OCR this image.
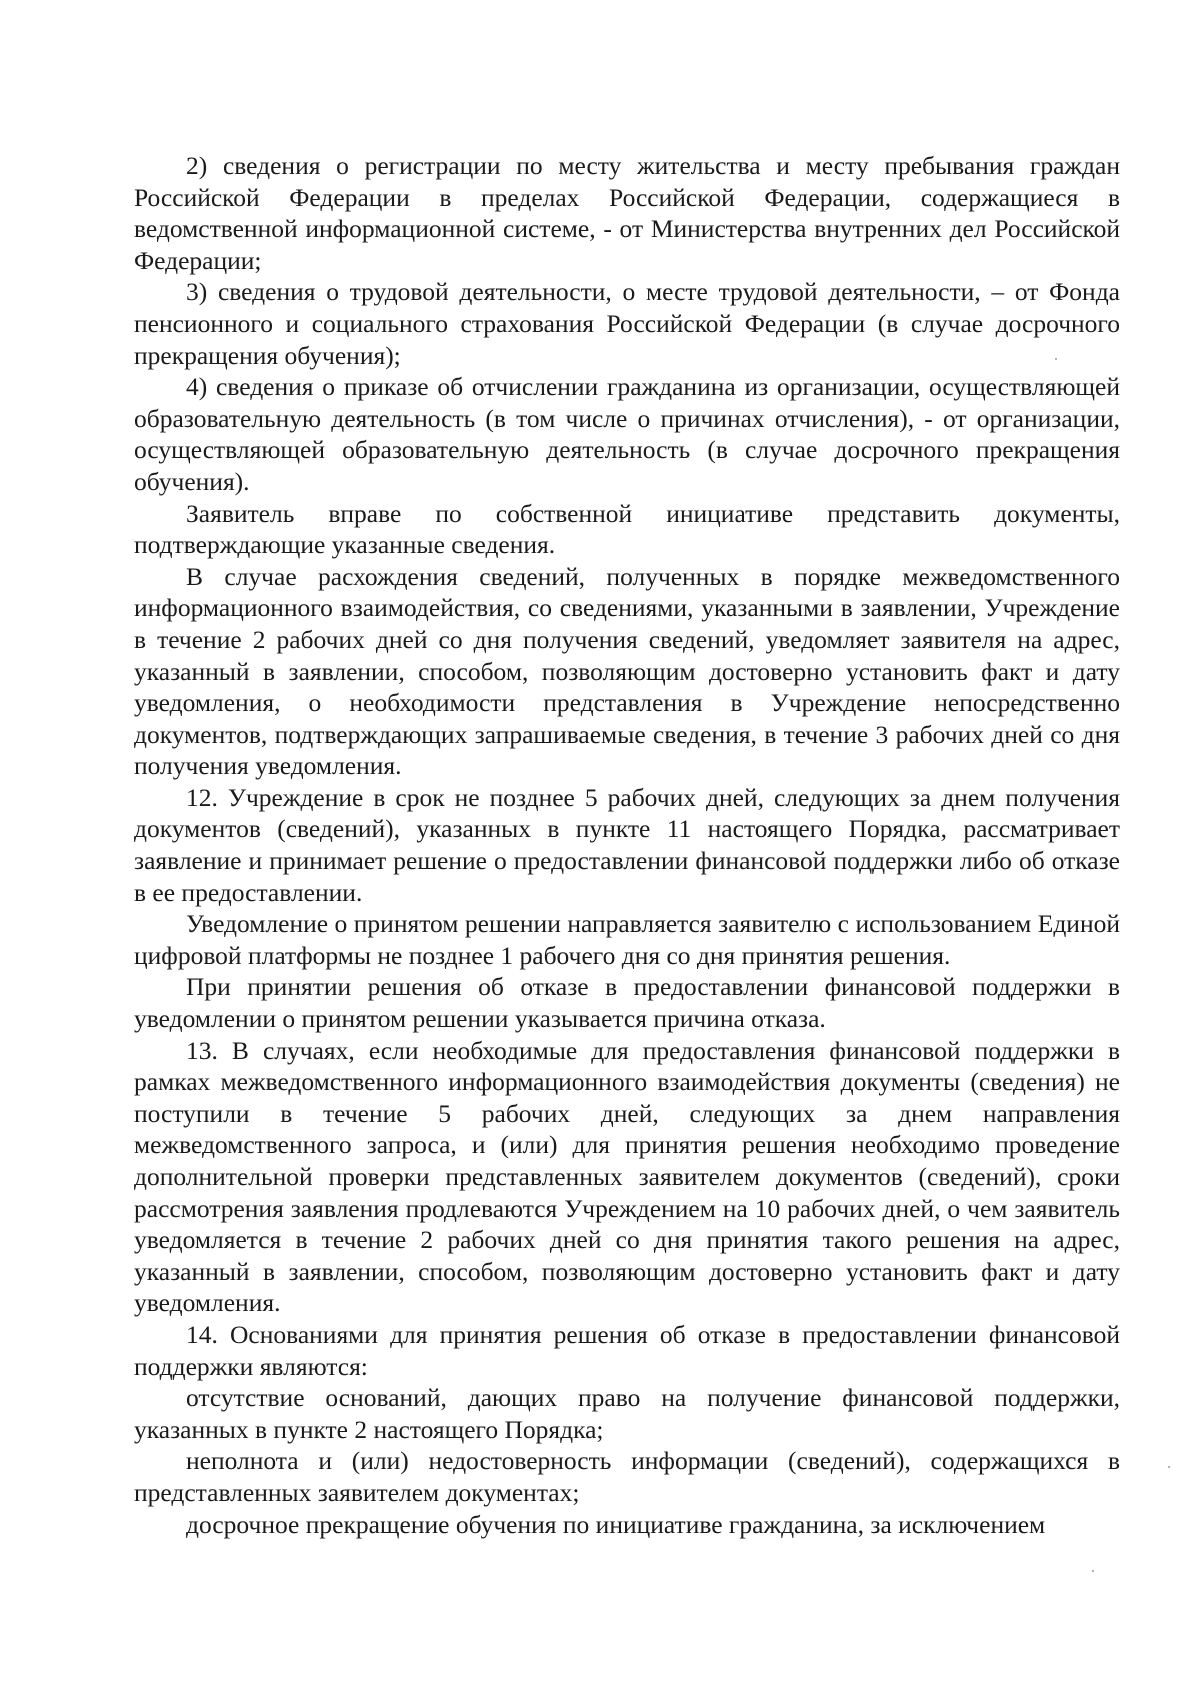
2) сведения о регистрации по месту жительства и месту пребывания граждан Российской Федерации в пределах Российской Федерации, содержащиеся в ведомственной информационной системе, - от Министерства внутренних дел Российской Федерации;

3) сведения о трудовой деятельности, о месте трудовой деятельности, – от Фонда пенсионного и социального страхования Российской Федерации (в случае досрочного прекращения обучения);

4) сведения о приказе об отчислении гражданина из организации, осуществляющей образовательную деятельность (в том числе о причинах отчисления), - от организации, осуществляющей образовательную деятельность (в случае досрочного прекращения обучения).

Заявитель вправе по собственной инициативе представить документы, подтверждающие указанные сведения.

В случае расхождения сведений, полученных в порядке межведомственного информационного взаимодействия, со сведениями, указанными в заявлении, Учреждение в течение 2 рабочих дней со дня получения сведений, уведомляет заявителя на адрес, указанный в заявлении, способом, позволяющим достоверно установить факт и дату уведомления, о необходимости представления в Учреждение непосредственно документов, подтверждающих запрашиваемые сведения, в течение 3 рабочих дней со дня получения уведомления.

12. Учреждение в срок не позднее 5 рабочих дней, следующих за днем получения документов (сведений), указанных в пункте 11 настоящего Порядка, рассматривает заявление и принимает решение о предоставлении финансовой поддержки либо об отказе в ее предоставлении.

Уведомление о принятом решении направляется заявителю с использованием Единой цифровой платформы не позднее 1 рабочего дня со дня принятия решения.

При принятии решения об отказе в предоставлении финансовой поддержки в уведомлении о принятом решении указывается причина отказа.

13. В случаях, если необходимые для предоставления финансовой поддержки в рамках межведомственного информационного взаимодействия документы (сведения) не поступили в течение 5 рабочих дней, следующих за днем направления межведомственного запроса, и (или) для принятия решения необходимо проведение дополнительной проверки представленных заявителем документов (сведений), сроки рассмотрения заявления продлеваются Учреждением на 10 рабочих дней, о чем заявитель уведомляется в течение 2 рабочих дней со дня принятия такого решения на адрес, указанный в заявлении, способом, позволяющим достоверно установить факт и дату уведомления.

14. Основаниями для принятия решения об отказе в предоставлении финансовой поддержки являются:

отсутствие оснований, дающих право на получение финансовой поддержки, указанных в пункте 2 настоящего Порядка;

неполнота и (или) недостоверность информации (сведений), содержащихся в представленных заявителем документах;

досрочное прекращение обучения по инициативе гражданина, за исключением
